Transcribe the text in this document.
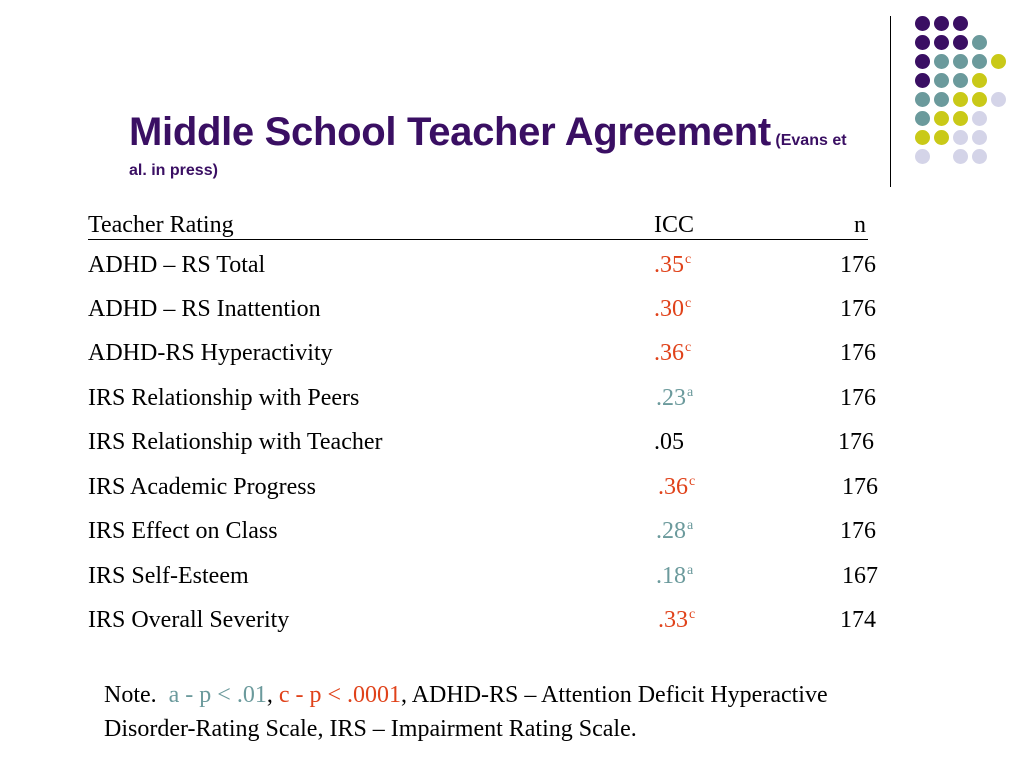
Middle School Teacher Agreement (Evans et
al. in press)
Teacher Rating	ICC	n
ADHD – RS Total	.35$^c$	176
ADHD – RS Inattention	.30$^c$	176
ADHD-RS Hyperactivity	.36$^c$	176
IRS Relationship with Peers	.23$^a$	176
IRS Relationship with Teacher	.05	176
IRS Academic Progress	.36$^c$	176
IRS Effect on Class	.28$^a$	176
IRS Self-Esteem	.18$^a$	167
IRS Overall Severity	.33$^c$	174
Note. a - p < .01, c - p < .0001, ADHD-RS – Attention Deficit Hyperactive
Disorder-Rating Scale, IRS – Impairment Rating Scale.
